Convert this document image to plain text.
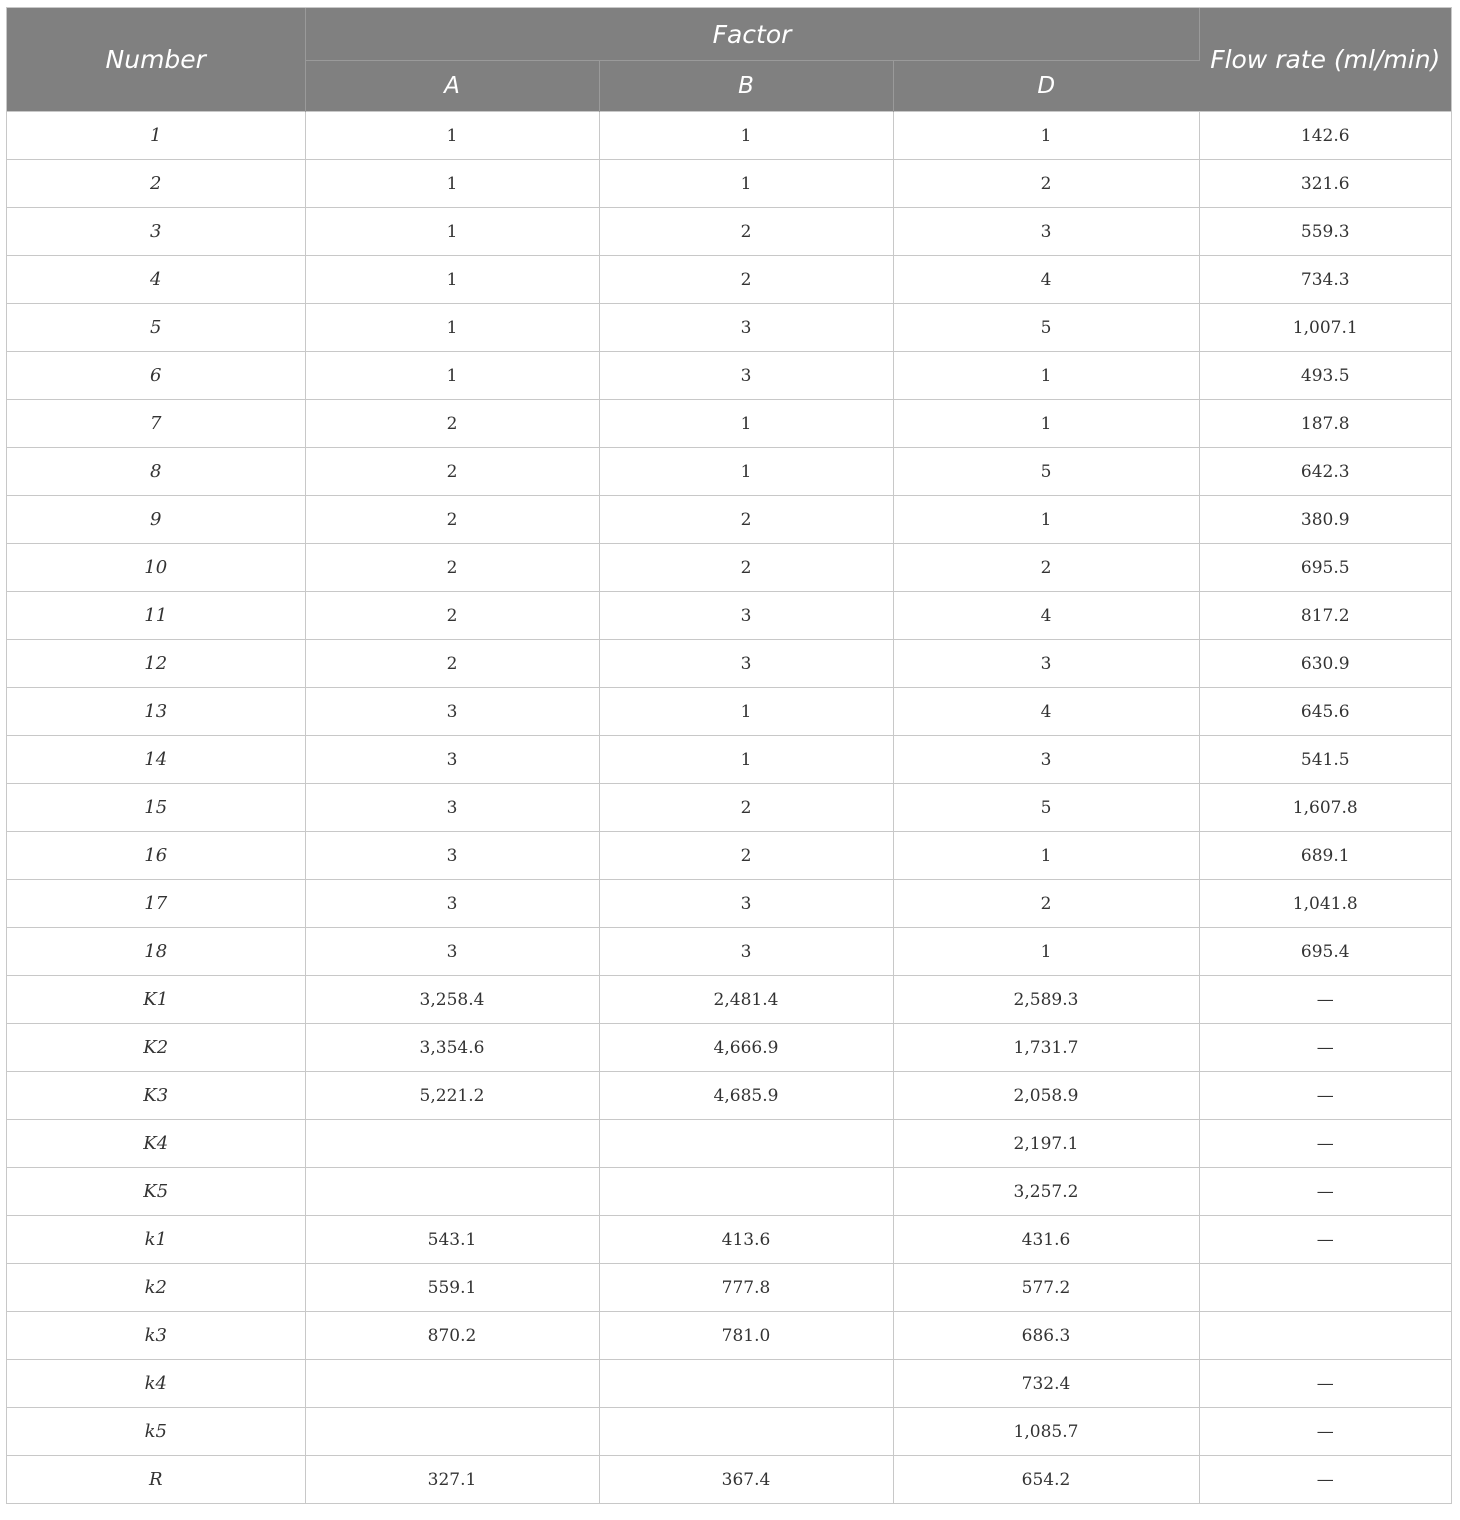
Number	Factor			Flow rate (ml/min)
	A	B	D	
1	1	1	1	142.6
2	1	1	2	321.6
3	1	2	3	559.3
4	1	2	4	734.3
5	1	3	5	1,007.1
6	1	3	1	493.5
7	2	1	1	187.8
8	2	1	5	642.3
9	2	2	1	380.9
10	2	2	2	695.5
11	2	3	4	817.2
12	2	3	3	630.9
13	3	1	4	645.6
14	3	1	3	541.5
15	3	2	5	1,607.8
16	3	2	1	689.1
17	3	3	2	1,041.8
18	3	3	1	695.4
K1	3,258.4	2,481.4	2,589.3	—
K2	3,354.6	4,666.9	1,731.7	—
K3	5,221.2	4,685.9	2,058.9	—
K4			2,197.1	—
K5			3,257.2	—
k1	543.1	413.6	431.6	—
k2	559.1	777.8	577.2	
k3	870.2	781.0	686.3	
k4			732.4	—
k5			1,085.7	—
R	327.1	367.4	654.2	—
